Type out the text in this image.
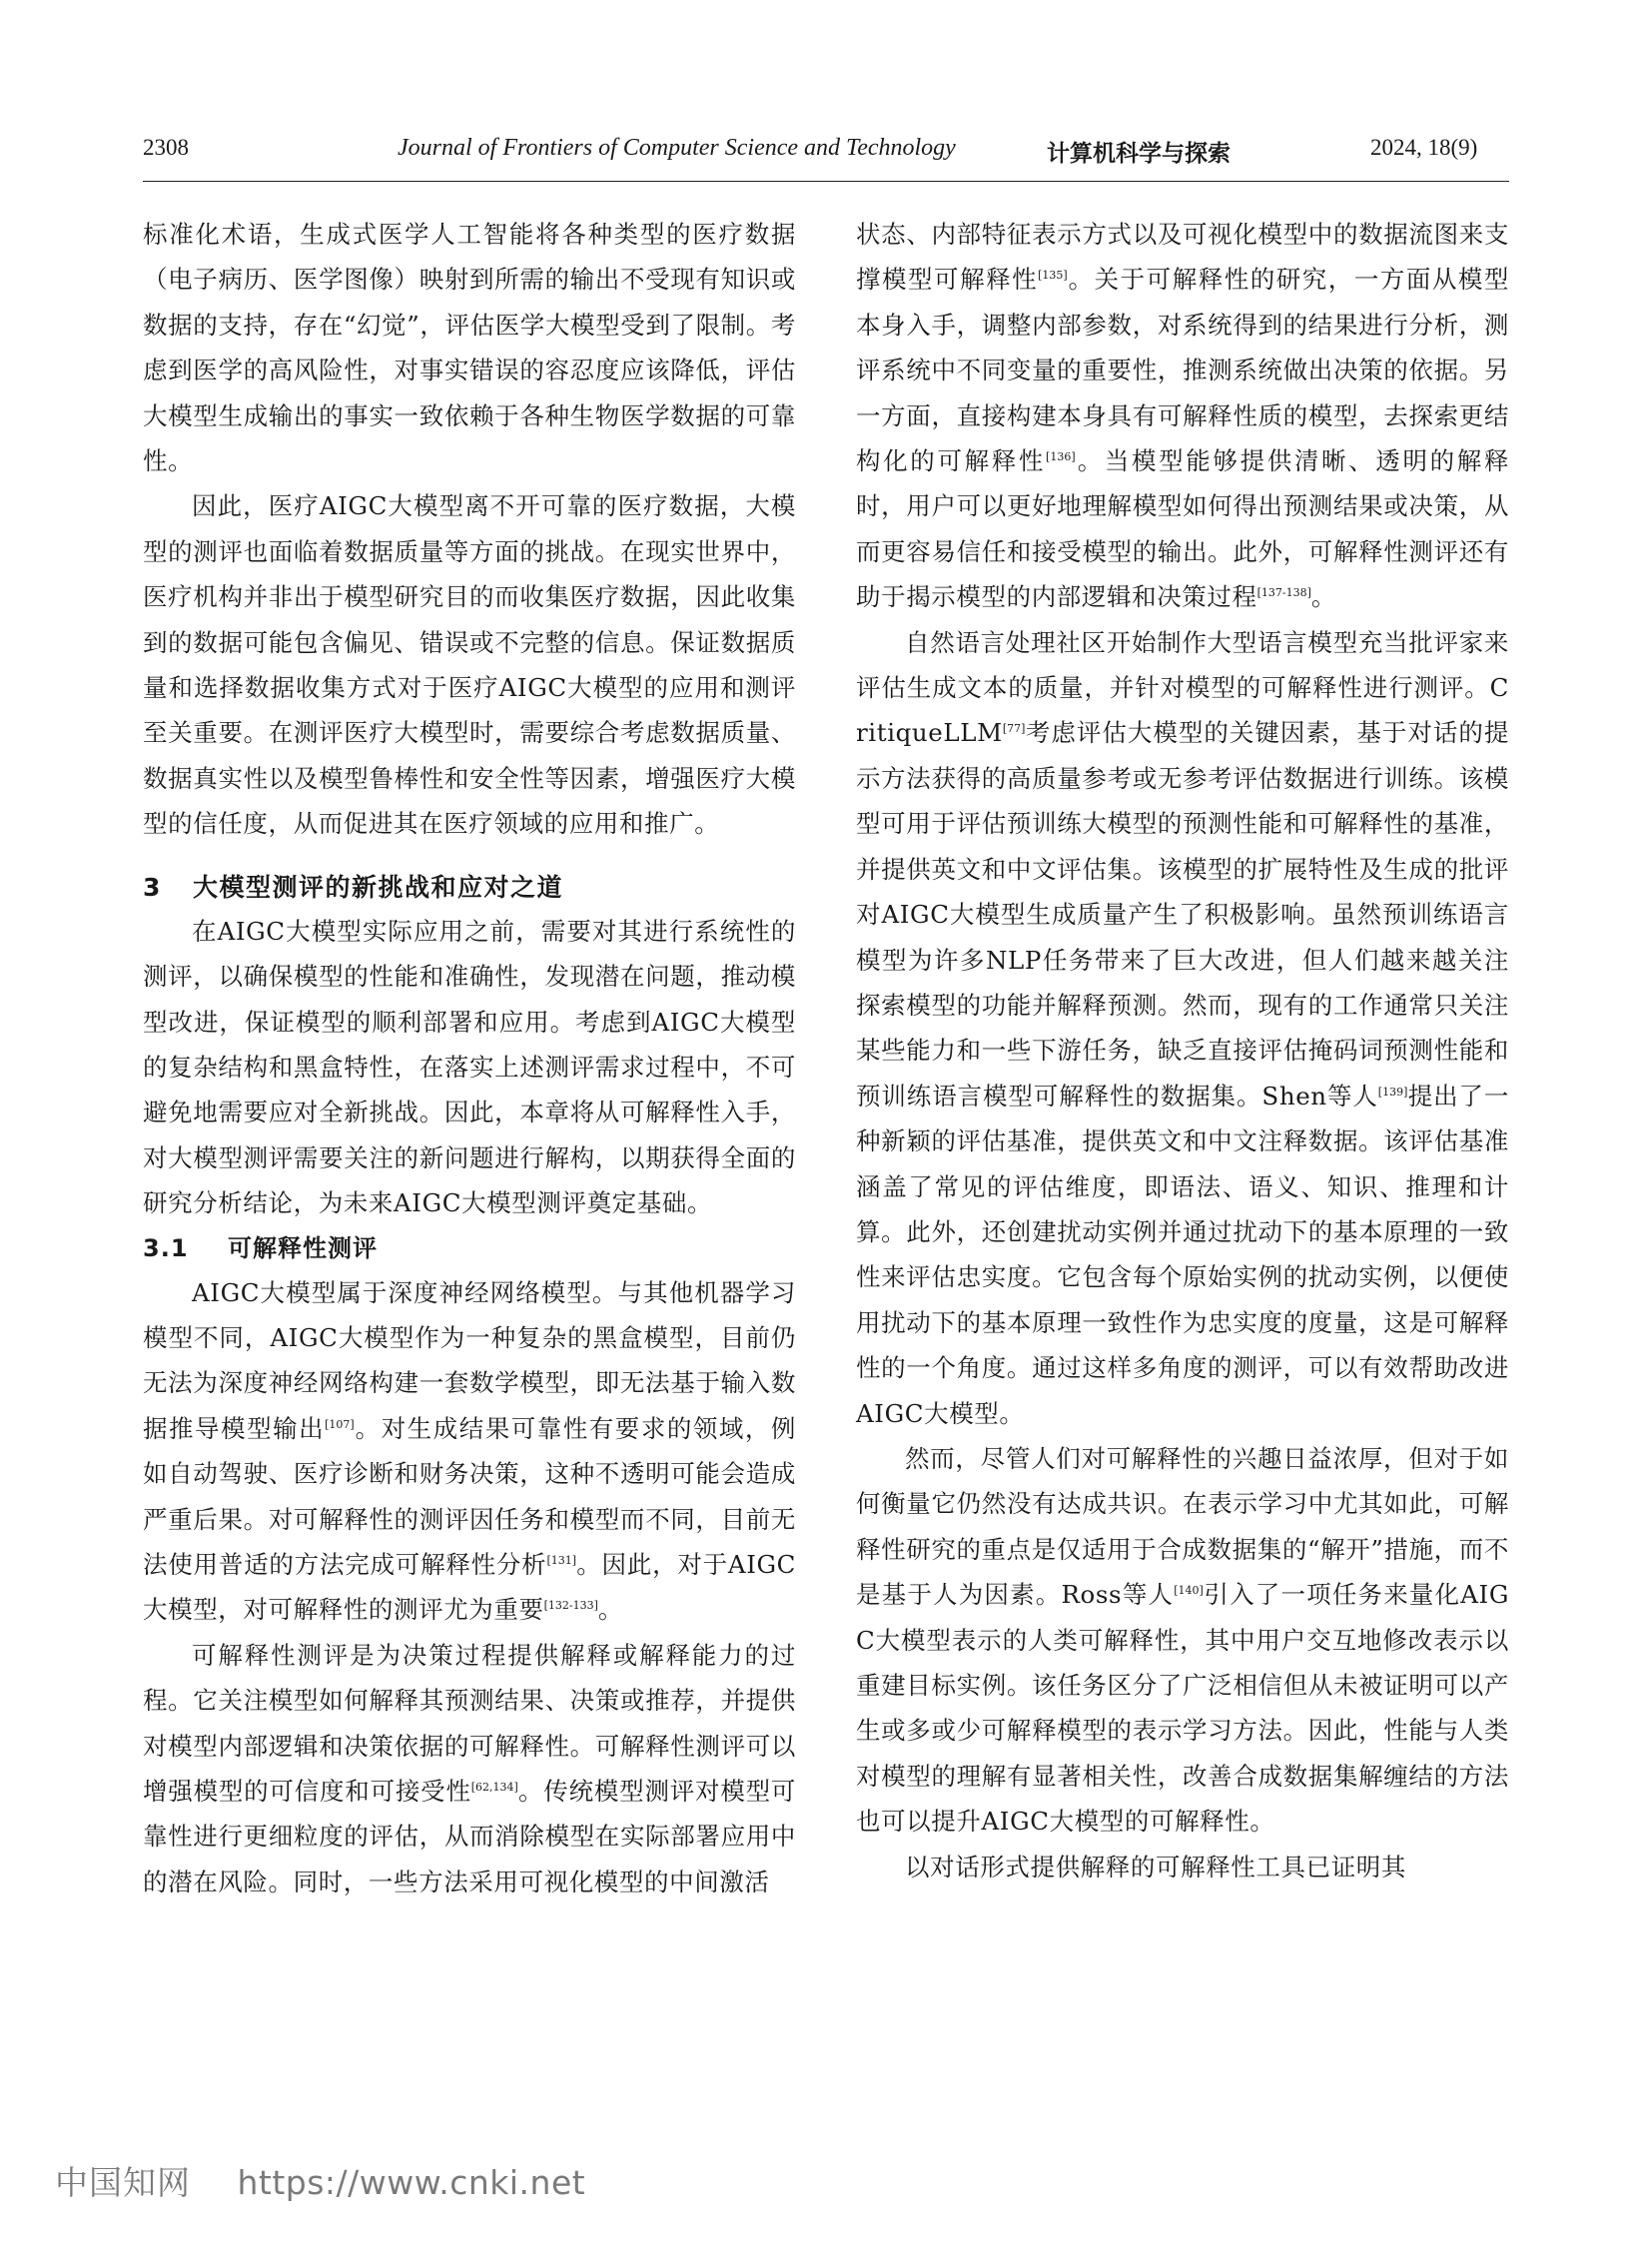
2308	Journal of Frontiers of Computer Science and Technology	计算机科学与探索	2024, 18(9)

标准化术语，生成式医学人工智能将各种类型的医疗数据（电子病历、医学图像）映射到所需的输出不受现有知识或数据的支持，存在“幻觉”，评估医学大模型受到了限制。考虑到医学的高风险性，对事实错误的容忍度应该降低，评估大模型生成输出的事实一致依赖于各种生物医学数据的可靠性。

因此，医疗AIGC大模型离不开可靠的医疗数据，大模型的测评也面临着数据质量等方面的挑战。在现实世界中，医疗机构并非出于模型研究目的而收集医疗数据，因此收集到的数据可能包含偏见、错误或不完整的信息。保证数据质量和选择数据收集方式对于医疗AIGC大模型的应用和测评至关重要。在测评医疗大模型时，需要综合考虑数据质量、数据真实性以及模型鲁棒性和安全性等因素，增强医疗大模型的信任度，从而促进其在医疗领域的应用和推广。

3 大模型测评的新挑战和应对之道

在AIGC大模型实际应用之前，需要对其进行系统性的测评，以确保模型的性能和准确性，发现潜在问题，推动模型改进，保证模型的顺利部署和应用。考虑到AIGC大模型的复杂结构和黑盒特性，在落实上述测评需求过程中，不可避免地需要应对全新挑战。因此，本章将从可解释性入手，对大模型测评需要关注的新问题进行解构，以期获得全面的研究分析结论，为未来AIGC大模型测评奠定基础。

3.1 可解释性测评

AIGC大模型属于深度神经网络模型。与其他机器学习模型不同，AIGC大模型作为一种复杂的黑盒模型，目前仍无法为深度神经网络构建一套数学模型，即无法基于输入数据推导模型输出[107]。对生成结果可靠性有要求的领域，例如自动驾驶、医疗诊断和财务决策，这种不透明可能会造成严重后果。对可解释性的测评因任务和模型而不同，目前无法使用普适的方法完成可解释性分析[131]。因此，对于AIGC大模型，对可解释性的测评尤为重要[132-133]。

可解释性测评是为决策过程提供解释或解释能力的过程。它关注模型如何解释其预测结果、决策或推荐，并提供对模型内部逻辑和决策依据的可解释性。可解释性测评可以增强模型的可信度和可接受性[62,134]。传统模型测评对模型可靠性进行更细粒度的评估，从而消除模型在实际部署应用中的潜在风险。同时，一些方法采用可视化模型的中间激活

状态、内部特征表示方式以及可视化模型中的数据流图来支撑模型可解释性[135]。关于可解释性的研究，一方面从模型本身入手，调整内部参数，对系统得到的结果进行分析，测评系统中不同变量的重要性，推测系统做出决策的依据。另一方面，直接构建本身具有可解释性质的模型，去探索更结构化的可解释性[136]。当模型能够提供清晰、透明的解释时，用户可以更好地理解模型如何得出预测结果或决策，从而更容易信任和接受模型的输出。此外，可解释性测评还有助于揭示模型的内部逻辑和决策过程[137-138]。

自然语言处理社区开始制作大型语言模型充当批评家来评估生成文本的质量，并针对模型的可解释性进行测评。CritiqueLLM[77]考虑评估大模型的关键因素，基于对话的提示方法获得的高质量参考或无参考评估数据进行训练。该模型可用于评估预训练大模型的预测性能和可解释性的基准，并提供英文和中文评估集。该模型的扩展特性及生成的批评对AIGC大模型生成质量产生了积极影响。虽然预训练语言模型为许多NLP任务带来了巨大改进，但人们越来越关注探索模型的功能并解释预测。然而，现有的工作通常只关注某些能力和一些下游任务，缺乏直接评估掩码词预测性能和预训练语言模型可解释性的数据集。Shen等人[139]提出了一种新颖的评估基准，提供英文和中文注释数据。该评估基准涵盖了常见的评估维度，即语法、语义、知识、推理和计算。此外，还创建扰动实例并通过扰动下的基本原理的一致性来评估忠实度。它包含每个原始实例的扰动实例，以便使用扰动下的基本原理一致性作为忠实度的度量，这是可解释性的一个角度。通过这样多角度的测评，可以有效帮助改进AIGC大模型。

然而，尽管人们对可解释性的兴趣日益浓厚，但对于如何衡量它仍然没有达成共识。在表示学习中尤其如此，可解释性研究的重点是仅适用于合成数据集的“解开”措施，而不是基于人为因素。Ross等人[140]引入了一项任务来量化AIGC大模型表示的人类可解释性，其中用户交互地修改表示以重建目标实例。该任务区分了广泛相信但从未被证明可以产生或多或少可解释模型的表示学习方法。因此，性能与人类对模型的理解有显著相关性，改善合成数据集解缠结的方法也可以提升AIGC大模型的可解释性。

以对话形式提供解释的可解释性工具已证明其

中国知网 https://www.cnki.net
